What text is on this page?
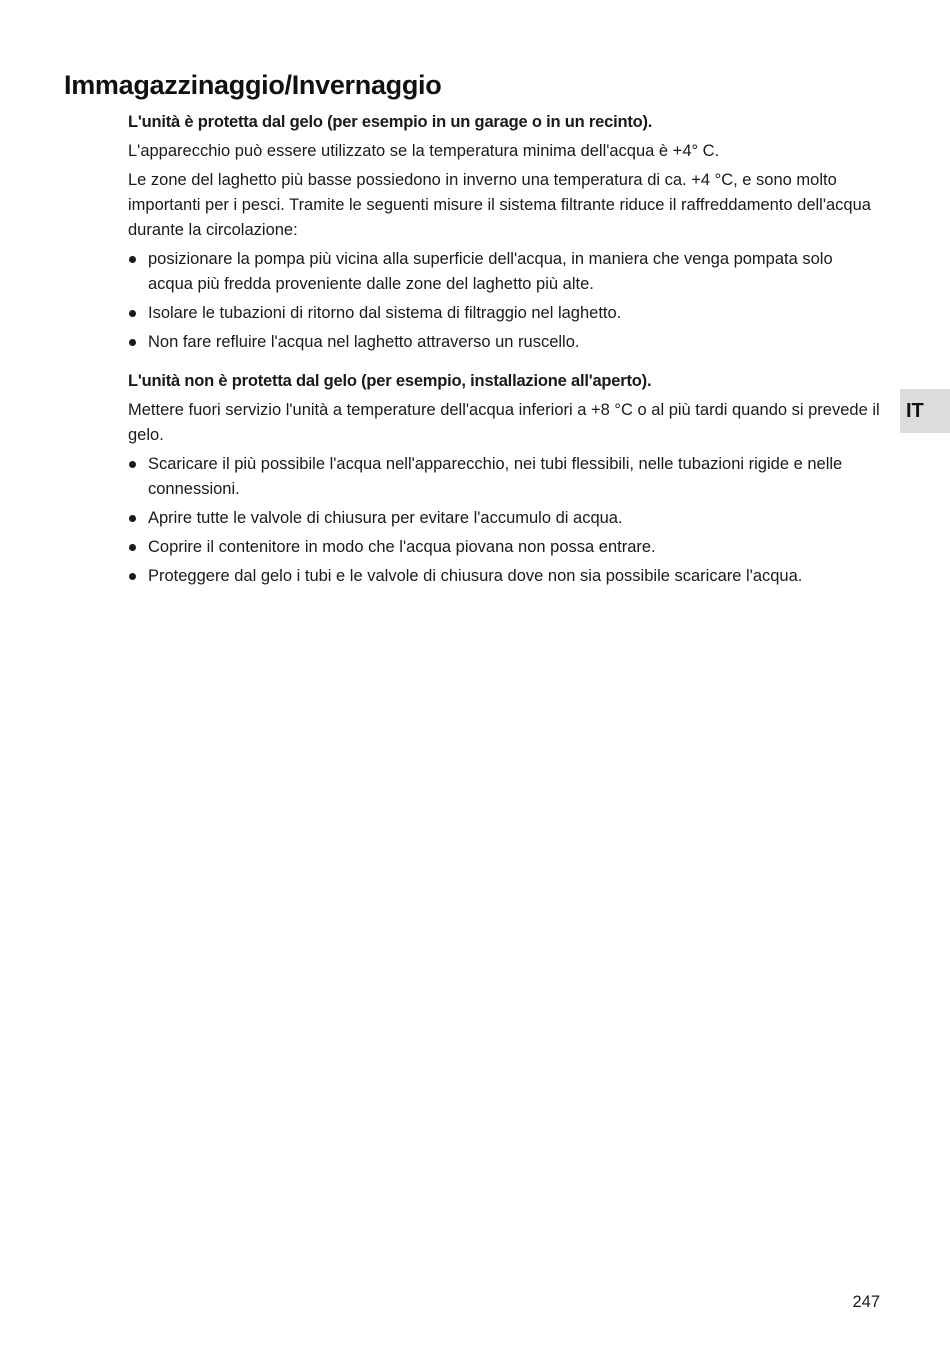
Immagazzinaggio/Invernaggio

L'unità è protetta dal gelo (per esempio in un garage o in un recinto).

L'apparecchio può essere utilizzato se la temperatura minima dell'acqua è +4° C.

Le zone del laghetto più basse possiedono in inverno una temperatura di ca. +4 °C, e sono molto importanti per i pesci. Tramite le seguenti misure il sistema filtrante riduce il raffreddamento dell'acqua durante la circolazione:

posizionare la pompa più vicina alla superficie dell'acqua, in maniera che venga pompata solo acqua più fredda proveniente dalle zone del laghetto più alte.
Isolare le tubazioni di ritorno dal sistema di filtraggio nel laghetto.
Non fare refluire l'acqua nel laghetto attraverso un ruscello.

L'unità non è protetta dal gelo (per esempio, installazione all'aperto).

Mettere fuori servizio l'unità a temperature dell'acqua inferiori a +8 °C o al più tardi quando si prevede il gelo.

Scaricare il più possibile l'acqua nell'apparecchio, nei tubi flessibili, nelle tubazioni rigide e nelle connessioni.
Aprire tutte le valvole di chiusura per evitare l'accumulo di acqua.
Coprire il contenitore in modo che l'acqua piovana non possa entrare.
Proteggere dal gelo i tubi e le valvole di chiusura dove non sia possibile scaricare l'acqua.
IT
247
